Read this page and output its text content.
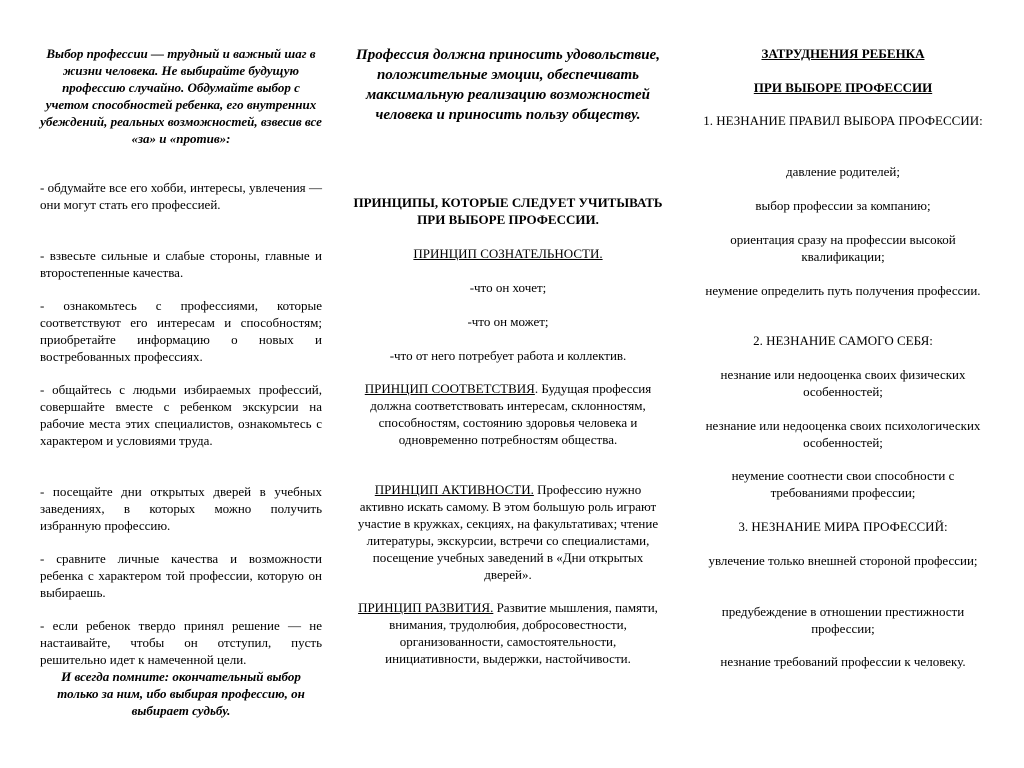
Выбор профессии — трудный и важный шаг в жизни человека. Не выбирайте будущую профессию случайно. Обдумайте выбор с учетом способностей ребенка, его внутренних убеждений, реальных возможностей, взвесив все «за» и «против»:

- обдумайте все его хобби, интересы, увлечения — они могут стать его профессией.

- взвесьте сильные и слабые стороны, главные и второстепенные качества.

- ознакомьтесь с профессиями, которые соответствуют его интересам и способностям; приобретайте информацию о новых и востребованных профессиях.

- общайтесь с людьми избираемых профессий, совершайте вместе с ребенком экскурсии на рабочие места этих специалистов, ознакомьтесь с характером и условиями труда.

- посещайте дни открытых дверей в учебных заведениях, в которых можно получить избранную профессию.

- сравните личные качества и возможности ребенка с характером той профессии, которую он выбираешь.

- если ребенок твердо принял решение — не настаивайте, чтобы он отступил, пусть решительно идет к намеченной цели.

И всегда помните: окончательный выбор только за ним, ибо выбирая профессию, он выбирает судьбу.

Профессия должна приносить удовольствие, положительные эмоции, обеспечивать максимальную реализацию возможностей человека и приносить пользу обществу.

ПРИНЦИПЫ, КОТОРЫЕ СЛЕДУЕТ УЧИТЫВАТЬ ПРИ ВЫБОРЕ ПРОФЕССИИ.

ПРИНЦИП СОЗНАТЕЛЬНОСТИ.

-что он хочет;

-что он может;

-что от него потребует работа и коллектив.

ПРИНЦИП СООТВЕТСТВИЯ. Будущая профессия должна соответствовать интересам, склонностям, способностям, состоянию здоровья человека и одновременно потребностям общества.

ПРИНЦИП АКТИВНОСТИ. Профессию нужно активно искать самому. В этом большую роль играют участие в кружках, секциях, на факультативах; чтение литературы, экскурсии, встречи со специалистами, посещение учебных заведений в «Дни открытых дверей».

ПРИНЦИП РАЗВИТИЯ. Развитие мышления, памяти, внимания, трудолюбия, добросовестности, организованности, самостоятельности, инициативности, выдержки, настойчивости.

ЗАТРУДНЕНИЯ РЕБЕНКА

ПРИ ВЫБОРЕ ПРОФЕССИИ

1. НЕЗНАНИЕ ПРАВИЛ ВЫБОРА ПРОФЕССИИ:

давление родителей;

выбор профессии за компанию;

ориентация сразу на профессии высокой квалификации;

неумение определить путь получения профессии.

2. НЕЗНАНИЕ САМОГО СЕБЯ:

незнание или недооценка своих физических особенностей;

незнание или недооценка своих психологических особенностей;

неумение соотнести свои способности с требованиями профессии;

3. НЕЗНАНИЕ МИРА ПРОФЕССИЙ:

увлечение только внешней стороной профессии;

предубеждение в отношении престижности профессии;

незнание требований профессии к человеку.
